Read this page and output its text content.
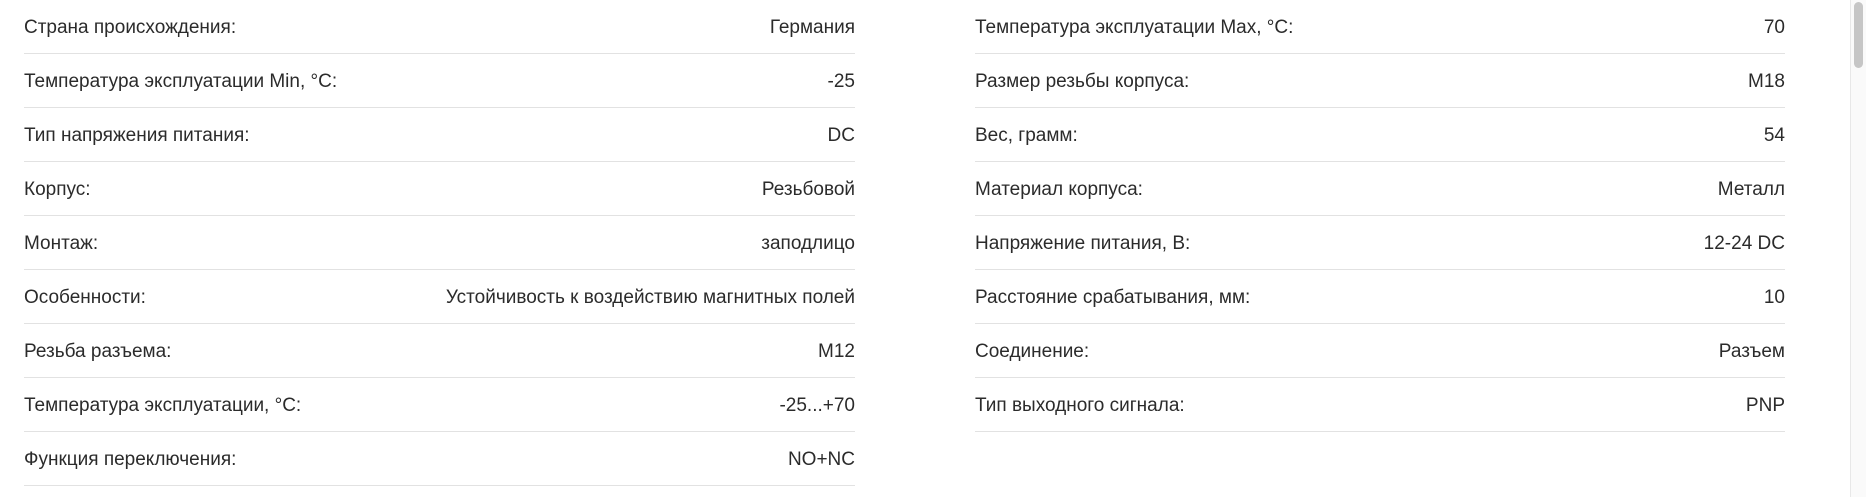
Страна происхождения:	Германия
Температура эксплуатации Min, °C:	-25
Тип напряжения питания:	DC
Корпус:	Резьбовой
Монтаж:	заподлицо
Особенности:	Устойчивость к воздействию магнитных полей
Резьба разъема:	M12
Температура эксплуатации, °C:	-25...+70
Функция переключения:	NO+NC
Температура эксплуатации Max, °C:	70
Размер резьбы корпуса:	M18
Вес, грамм:	54
Материал корпуса:	Металл
Напряжение питания, В:	12-24 DC
Расстояние срабатывания, мм:	10
Соединение:	Разъем
Тип выходного сигнала:	PNP
